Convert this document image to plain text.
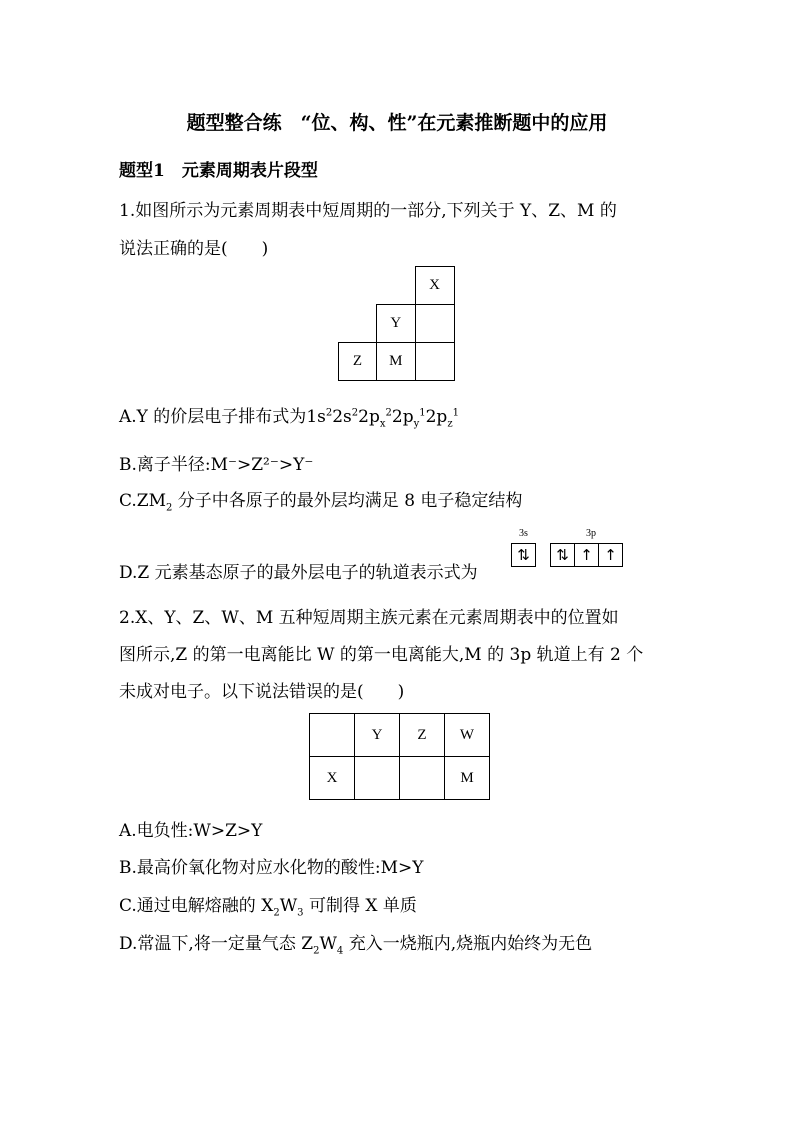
题型整合练　“位、构、性”在元素推断题中的应用
题型1　元素周期表片段型
1.如图所示为元素周期表中短周期的一部分,下列关于 Y、Z、M 的
说法正确的是(　　)
		X
	Y	
Z	M	
A.Y 的价层电子排布式为$1s^22s^22p_x^22p_y^12p_z^1$
B.离子半径:M⁻>Z²⁻>Y⁻
$C.ZM_2$ 分子中各原子的最外层均满足 8 电子稳定结构
D.Z 元素基态原子的最外层电子的轨道表示式为
3s	3p
⇅	⇅ ↑ ↑
2.X、Y、Z、W、M 五种短周期主族元素在元素周期表中的位置如
图所示,Z 的第一电离能比 W 的第一电离能大,M 的 3p 轨道上有 2 个
未成对电子。以下说法错误的是(　　)
	Y	Z	W
X			M
A.电负性:W>Z>Y
B.最高价氧化物对应水化物的酸性:M>Y
C.通过电解熔融的 $X_2W_3$ 可制得 X 单质
D.常温下,将一定量气态 $Z_2W_4$ 充入一烧瓶内,烧瓶内始终为无色
